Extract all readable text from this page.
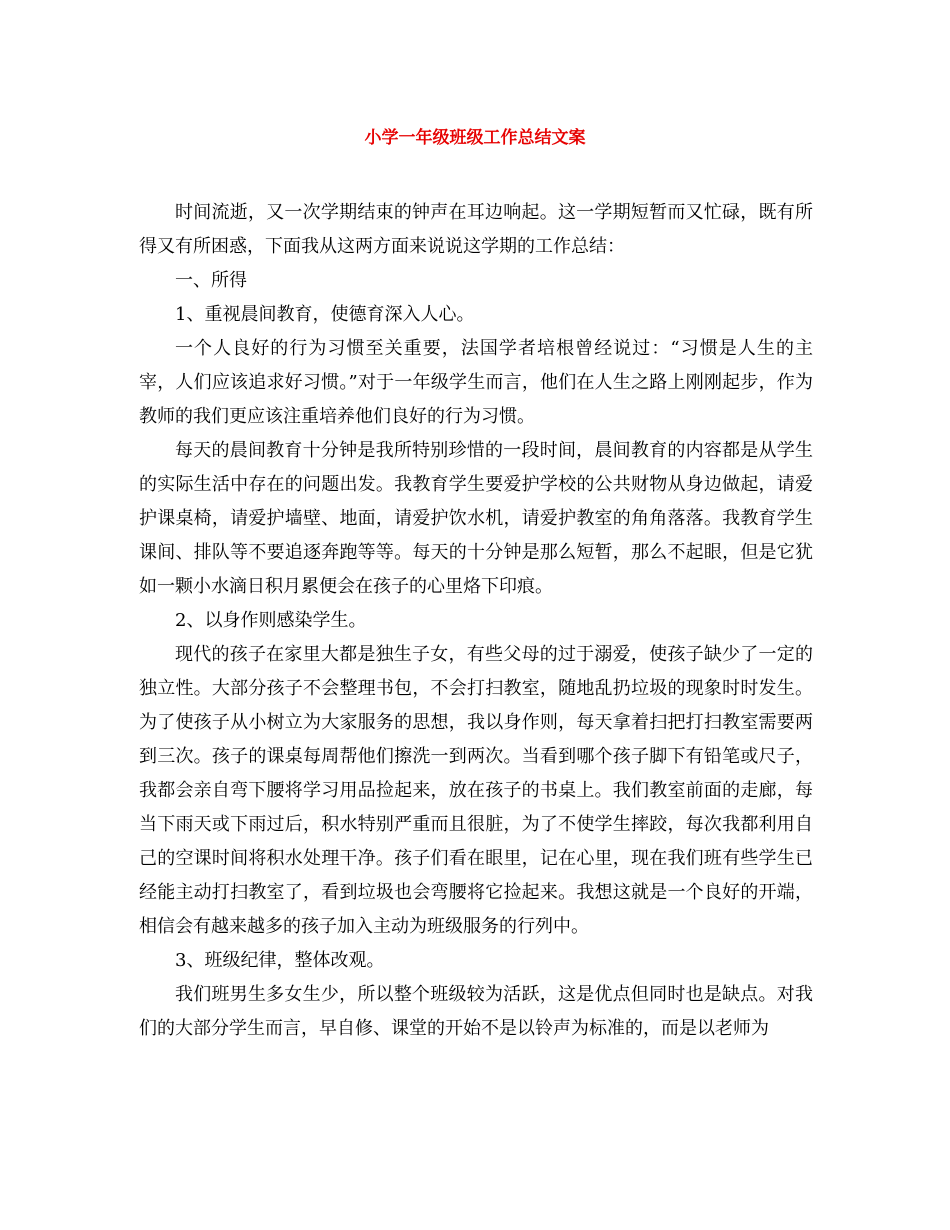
小学一年级班级工作总结文案

时间流逝，又一次学期结束的钟声在耳边响起。这一学期短暂而又忙碌，既有所得又有所困惑，下面我从这两方面来说说这学期的工作总结：

一、所得

1、重视晨间教育，使德育深入人心。

一个人良好的行为习惯至关重要，法国学者培根曾经说过：“习惯是人生的主宰，人们应该追求好习惯。”对于一年级学生而言，他们在人生之路上刚刚起步，作为教师的我们更应该注重培养他们良好的行为习惯。

每天的晨间教育十分钟是我所特别珍惜的一段时间，晨间教育的内容都是从学生的实际生活中存在的问题出发。我教育学生要爱护学校的公共财物从身边做起，请爱护课桌椅，请爱护墙壁、地面，请爱护饮水机，请爱护教室的角角落落。我教育学生课间、排队等不要追逐奔跑等等。每天的十分钟是那么短暂，那么不起眼，但是它犹如一颗小水滴日积月累便会在孩子的心里烙下印痕。

2、以身作则感染学生。

现代的孩子在家里大都是独生子女，有些父母的过于溺爱，使孩子缺少了一定的独立性。大部分孩子不会整理书包，不会打扫教室，随地乱扔垃圾的现象时时发生。为了使孩子从小树立为大家服务的思想，我以身作则，每天拿着扫把打扫教室需要两到三次。孩子的课桌每周帮他们擦洗一到两次。当看到哪个孩子脚下有铅笔或尺子，我都会亲自弯下腰将学习用品捡起来，放在孩子的书桌上。我们教室前面的走廊，每当下雨天或下雨过后，积水特别严重而且很脏，为了不使学生摔跤，每次我都利用自己的空课时间将积水处理干净。孩子们看在眼里，记在心里，现在我们班有些学生已经能主动打扫教室了，看到垃圾也会弯腰将它捡起来。我想这就是一个良好的开端，相信会有越来越多的孩子加入主动为班级服务的行列中。

3、班级纪律，整体改观。

我们班男生多女生少，所以整个班级较为活跃，这是优点但同时也是缺点。对我们的大部分学生而言，早自修、课堂的开始不是以铃声为标准的，而是以老师为
